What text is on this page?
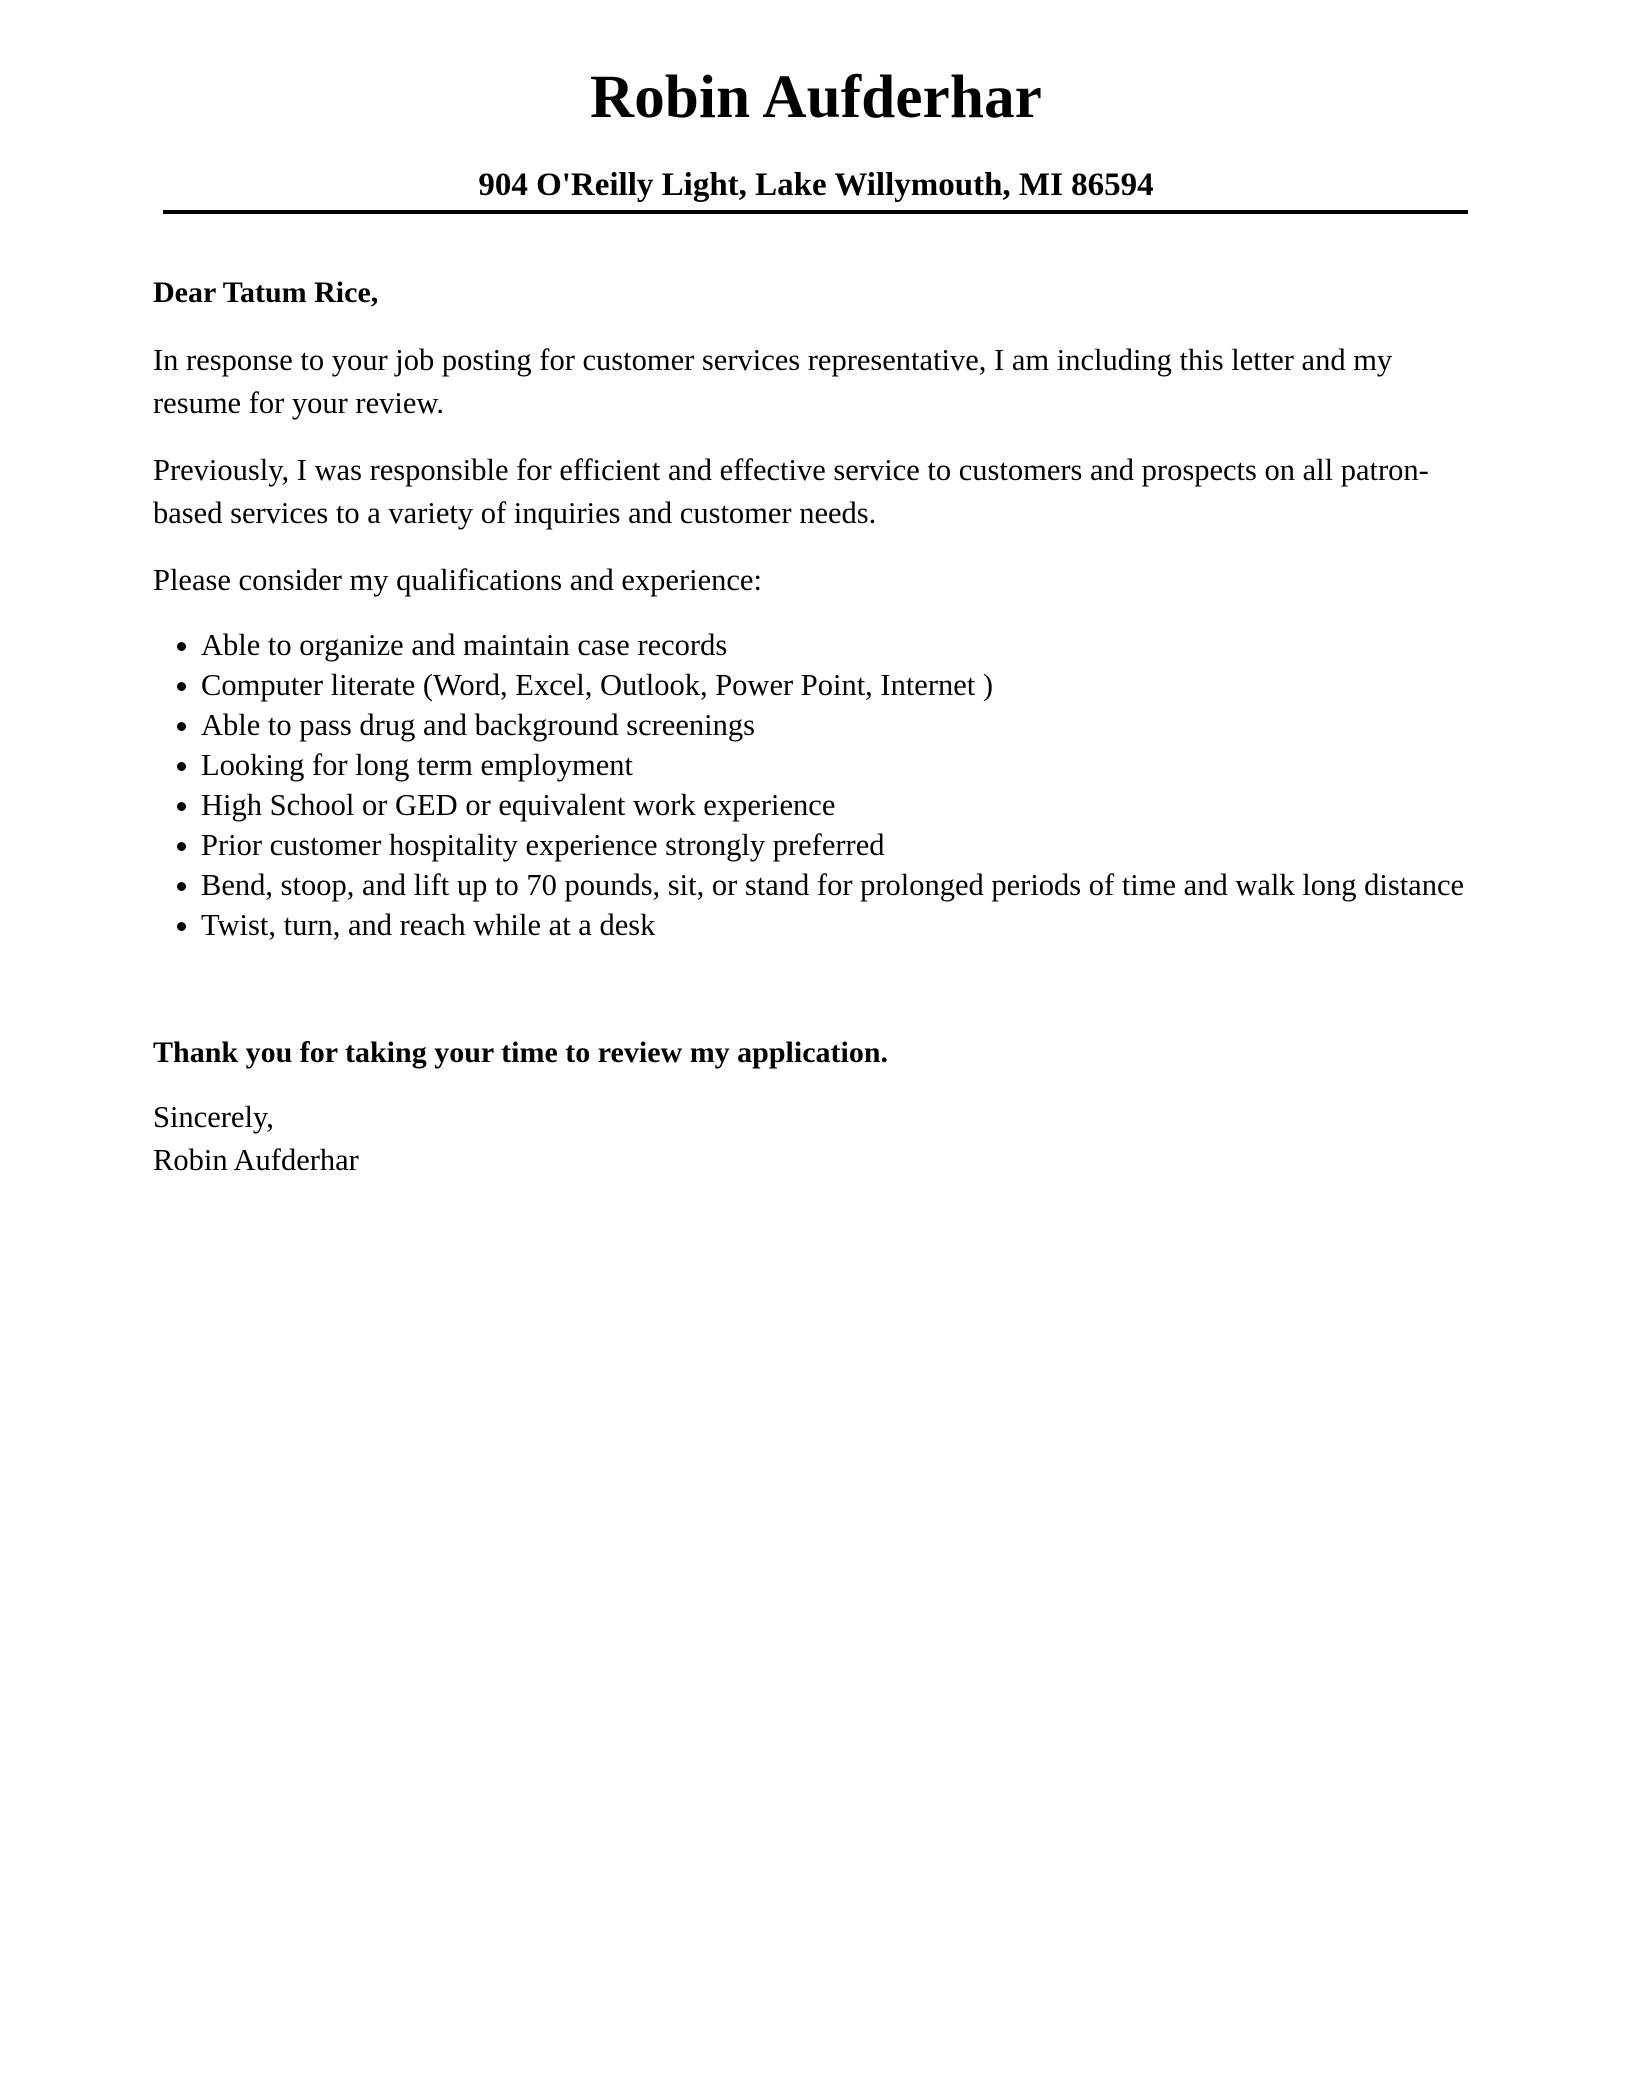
Robin Aufderhar
904 O'Reilly Light, Lake Willymouth, MI 86594
Dear Tatum Rice,

In response to your job posting for customer services representative, I am including this letter and my resume for your review.

Previously, I was responsible for efficient and effective service to customers and prospects on all patron-based services to a variety of inquiries and customer needs.

Please consider my qualifications and experience:

Able to organize and maintain case records
Computer literate (Word, Excel, Outlook, Power Point, Internet )
Able to pass drug and background screenings
Looking for long term employment
High School or GED or equivalent work experience
Prior customer hospitality experience strongly preferred
Bend, stoop, and lift up to 70 pounds, sit, or stand for prolonged periods of time and walk long distance
Twist, turn, and reach while at a desk
Thank you for taking your time to review my application.
Sincerely,
Robin Aufderhar
